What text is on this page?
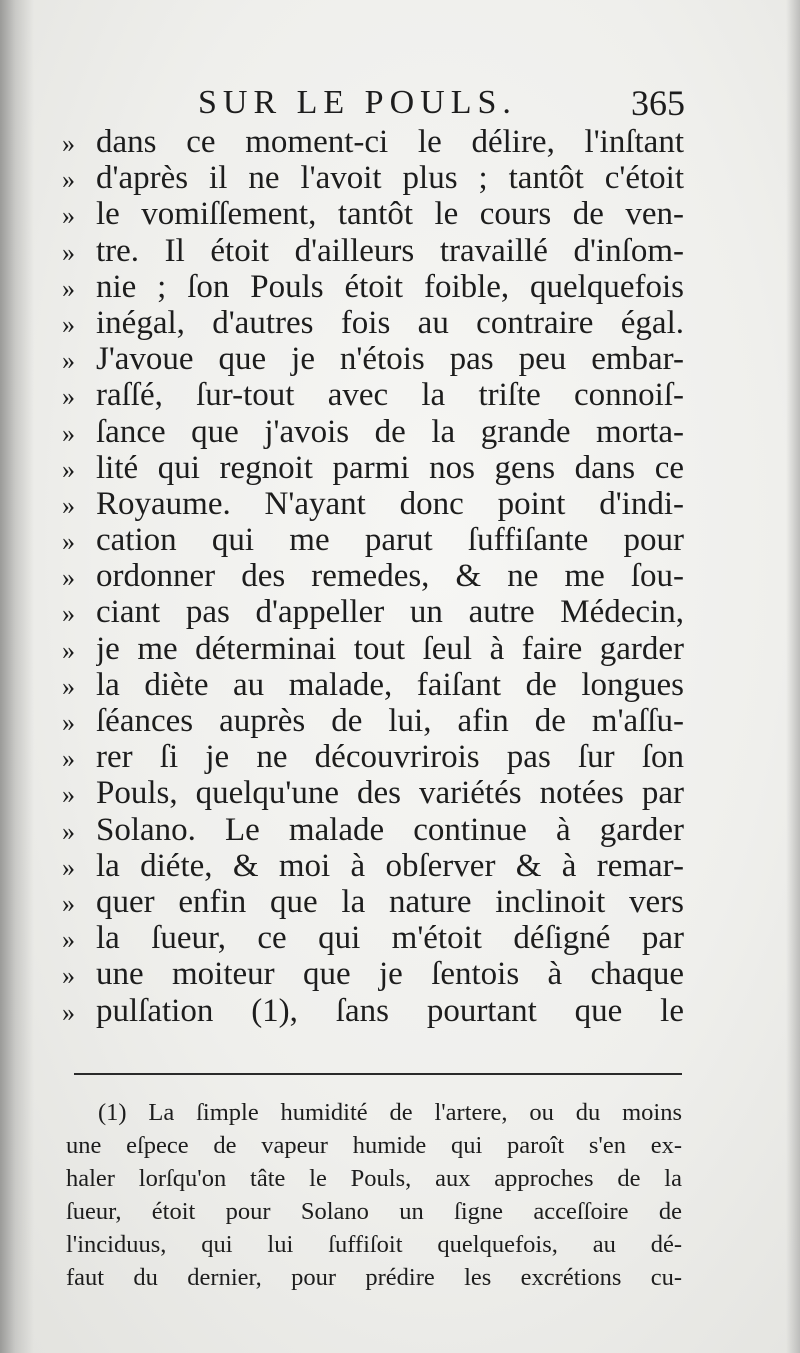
SUR LE POULS.	365
» dans ce moment-ci le délire, l'inſtant
» d'après il ne l'avoit plus ; tantôt c'étoit
» le vomiſſement, tantôt le cours de ven-
» tre. Il étoit d'ailleurs travaillé d'inſom-
» nie ; ſon Pouls étoit foible, quelquefois
» inégal, d'autres fois au contraire égal.
» J'avoue que je n'étois pas peu embar-
» raſſé, ſur-tout avec la triſte connoiſ-
» ſance que j'avois de la grande morta-
» lité qui regnoit parmi nos gens dans ce
» Royaume. N'ayant donc point d'indi-
» cation qui me parut ſuffiſante pour
» ordonner des remedes, & ne me ſou-
» ciant pas d'appeller un autre Médecin,
» je me déterminai tout ſeul à faire garder
» la diète au malade, faiſant de longues
» ſéances auprès de lui, afin de m'aſſu-
» rer ſi je ne découvrirois pas ſur ſon
» Pouls, quelqu'une des variétés notées par
» Solano. Le malade continue à garder
» la diéte, & moi à obſerver & à remar-
» quer enfin que la nature inclinoit vers
» la ſueur, ce qui m'étoit déſigné par
» une moiteur que je ſentois à chaque
» pulſation (1), ſans pourtant que le
(1) La ſimple humidité de l'artere, ou du moins
une eſpece de vapeur humide qui paroît s'en ex-
haler lorſqu'on tâte le Pouls, aux approches de la
ſueur, étoit pour Solano un ſigne acceſſoire de
l'inciduus, qui lui ſuffiſoit quelquefois, au dé-
faut du dernier, pour prédire les excrétions cu-
